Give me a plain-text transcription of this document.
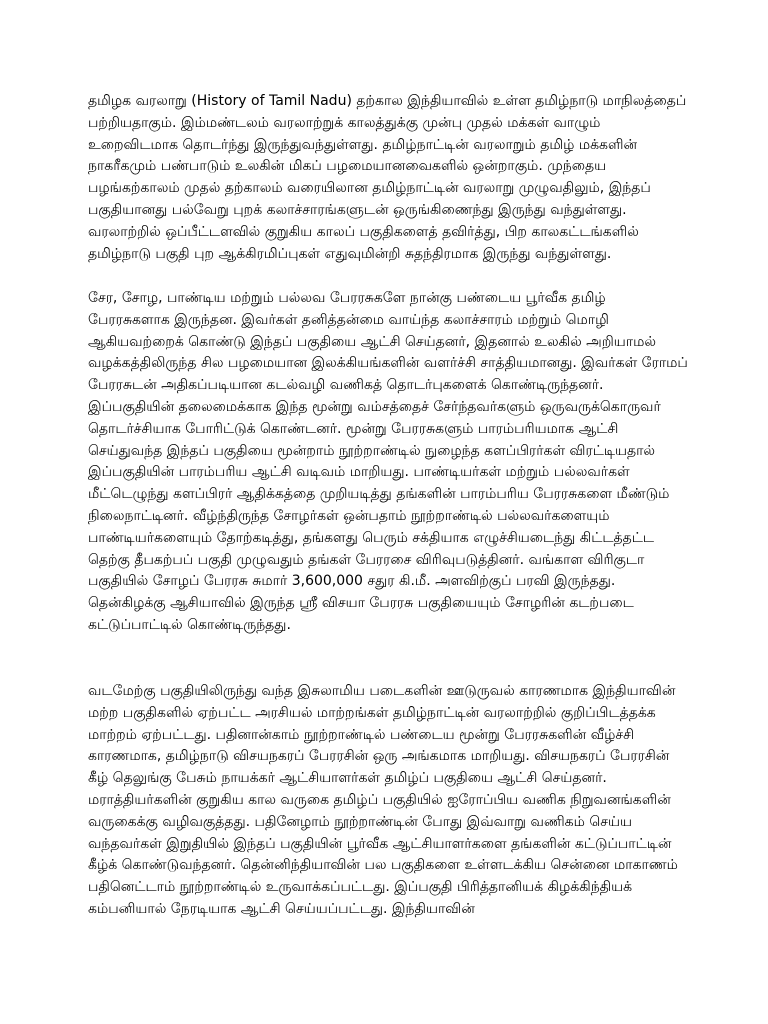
தமிழக வரலாறு (History of Tamil Nadu) தற்கால இந்தியாவில் உள்ள தமிழ்நாடு மாநிலத்தைப் பற்றியதாகும். இம்மண்டலம் வரலாற்றுக் காலத்துக்கு முன்பு முதல் மக்கள் வாழும் உறைவிடமாக தொடர்ந்து இருந்துவந்துள்ளது. தமிழ்நாட்டின் வரலாறும் தமிழ் மக்களின் நாகரீகமும் பண்பாடும் உலகின் மிகப் பழமையானவைகளில் ஒன்றாகும். முந்தைய பழங்கற்காலம் முதல் தற்காலம் வரையிலான தமிழ்நாட்டின் வரலாறு முழுவதிலும், இந்தப் பகுதியானது பல்வேறு புறக் கலாச்சாரங்களுடன் ஒருங்கிணைந்து இருந்து வந்துள்ளது. வரலாற்றில் ஒப்பீட்டளவில் குறுகிய காலப் பகுதிகளைத் தவிர்த்து, பிற காலகட்டங்களில் தமிழ்நாடு பகுதி புற ஆக்கிரமிப்புகள் எதுவுமின்றி சுதந்திரமாக இருந்து வந்துள்ளது.

சேர, சோழ, பாண்டிய மற்றும் பல்லவ பேரரசுகளே நான்கு பண்டைய பூர்வீக தமிழ் பேரரசுகளாக இருந்தன. இவர்கள் தனித்தன்மை வாய்ந்த கலாச்சாரம் மற்றும் மொழி ஆகியவற்றைக் கொண்டு இந்தப் பகுதியை ஆட்சி செய்தனர், இதனால் உலகில் அறியாமல் வழக்கத்திலிருந்த சில பழமையான இலக்கியங்களின் வளர்ச்சி சாத்தியமானது. இவர்கள் ரோமப் பேரரசுடன் அதிகப்படியான கடல்வழி வணிகத் தொடர்புகளைக் கொண்டிருந்தனர். இப்பகுதியின் தலைமைக்காக இந்த மூன்று வம்சத்தைச் சேர்ந்தவர்களும் ஒருவருக்கொருவர் தொடர்ச்சியாக போரிட்டுக் கொண்டனர். மூன்று பேரரசுகளும் பாரம்பரியமாக ஆட்சி செய்துவந்த இந்தப் பகுதியை மூன்றாம் நூற்றாண்டில் நுழைந்த களப்பிரர்கள் விரட்டியதால் இப்பகுதியின் பாரம்பரிய ஆட்சி வடிவம் மாறியது. பாண்டியர்கள் மற்றும் பல்லவர்கள் மீட்டெழுந்து களப்பிரர் ஆதிக்கத்தை முறியடித்து தங்களின் பாரம்பரிய பேரரசுகளை மீண்டும் நிலைநாட்டினர். வீழ்ந்திருந்த சோழர்கள் ஒன்பதாம் நூற்றாண்டில் பல்லவர்களையும் பாண்டியர்களையும் தோற்கடித்து, தங்களது பெரும் சக்தியாக எழுச்சியடைந்து கிட்டத்தட்ட தெற்கு தீபகற்பப் பகுதி முழுவதும் தங்கள் பேரரசை விரிவுபடுத்தினர். வங்காள விரிகுடா பகுதியில் சோழப் பேரரசு சுமார் 3,600,000 சதுர கி.மீ. அளவிற்குப் பரவி இருந்தது. தென்கிழக்கு ஆசியாவில் இருந்த ஸ்ரீ விசயா பேரரசு பகுதியையும் சோழரின் கடற்படை கட்டுப்பாட்டில் கொண்டிருந்தது.

வடமேற்கு பகுதியிலிருந்து வந்த இசுலாமிய படைகளின் ஊடுருவல் காரணமாக இந்தியாவின் மற்ற பகுதிகளில் ஏற்பட்ட அரசியல் மாற்றங்கள் தமிழ்நாட்டின் வரலாற்றில் குறிப்பிடத்தக்க மாற்றம் ஏற்பட்டது. பதினான்காம் நூற்றாண்டில் பண்டைய மூன்று பேரரசுகளின் வீழ்ச்சி காரணமாக, தமிழ்நாடு விசயநகரப் பேரரசின் ஒரு அங்கமாக மாறியது. விசயநகரப் பேரரசின் கீழ் தெலுங்கு பேசும் நாயக்கர் ஆட்சியாளர்கள் தமிழ்ப் பகுதியை ஆட்சி செய்தனர். மராத்தியர்களின் குறுகிய கால வருகை தமிழ்ப் பகுதியில் ஐரோப்பிய வணிக நிறுவனங்களின் வருகைக்கு வழிவகுத்தது. பதினேழாம் நூற்றாண்டின் போது இவ்வாறு வணிகம் செய்ய வந்தவர்கள் இறுதியில் இந்தப் பகுதியின் பூர்வீக ஆட்சியாளர்களை தங்களின் கட்டுப்பாட்டின் கீழ்க் கொண்டுவந்தனர். தென்னிந்தியாவின் பல பகுதிகளை உள்ளடக்கிய சென்னை மாகாணம் பதினெட்டாம் நூற்றாண்டில் உருவாக்கப்பட்டது. இப்பகுதி பிரித்தானியக் கிழக்கிந்தியக் கம்பனியால் நேரடியாக ஆட்சி செய்யப்பட்டது. இந்தியாவின்
